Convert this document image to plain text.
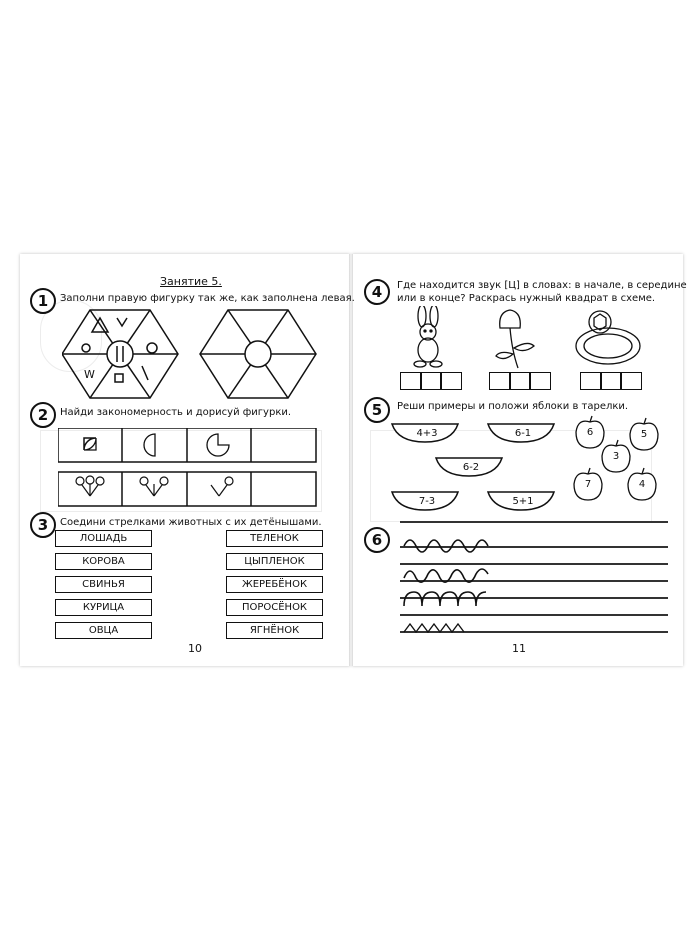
Занятие 5.
1	Заполни правую фигурку так же, как заполнена левая.
W
2	Найди закономерность и дорисуй фигурки.
3	Соедини стрелками животных с их детёнышами.
ЛОШАДЬ
КОРОВА
СВИНЬЯ
КУРИЦА
ОВЦА
ТЕЛЕНОК
ЦЫПЛЕНОК
ЖЕРЕБЁНОК
ПОРОСЁНОК
ЯГНЁНОК
10
4	Где находится звук [Ц] в словах: в начале, в середине
или в конце? Раскрась нужный квадрат в схеме.
5	Реши примеры и положи яблоки в тарелки.
4+3	6-1
6-2
7-3	5+1
6	5
3
7	4
6
11
